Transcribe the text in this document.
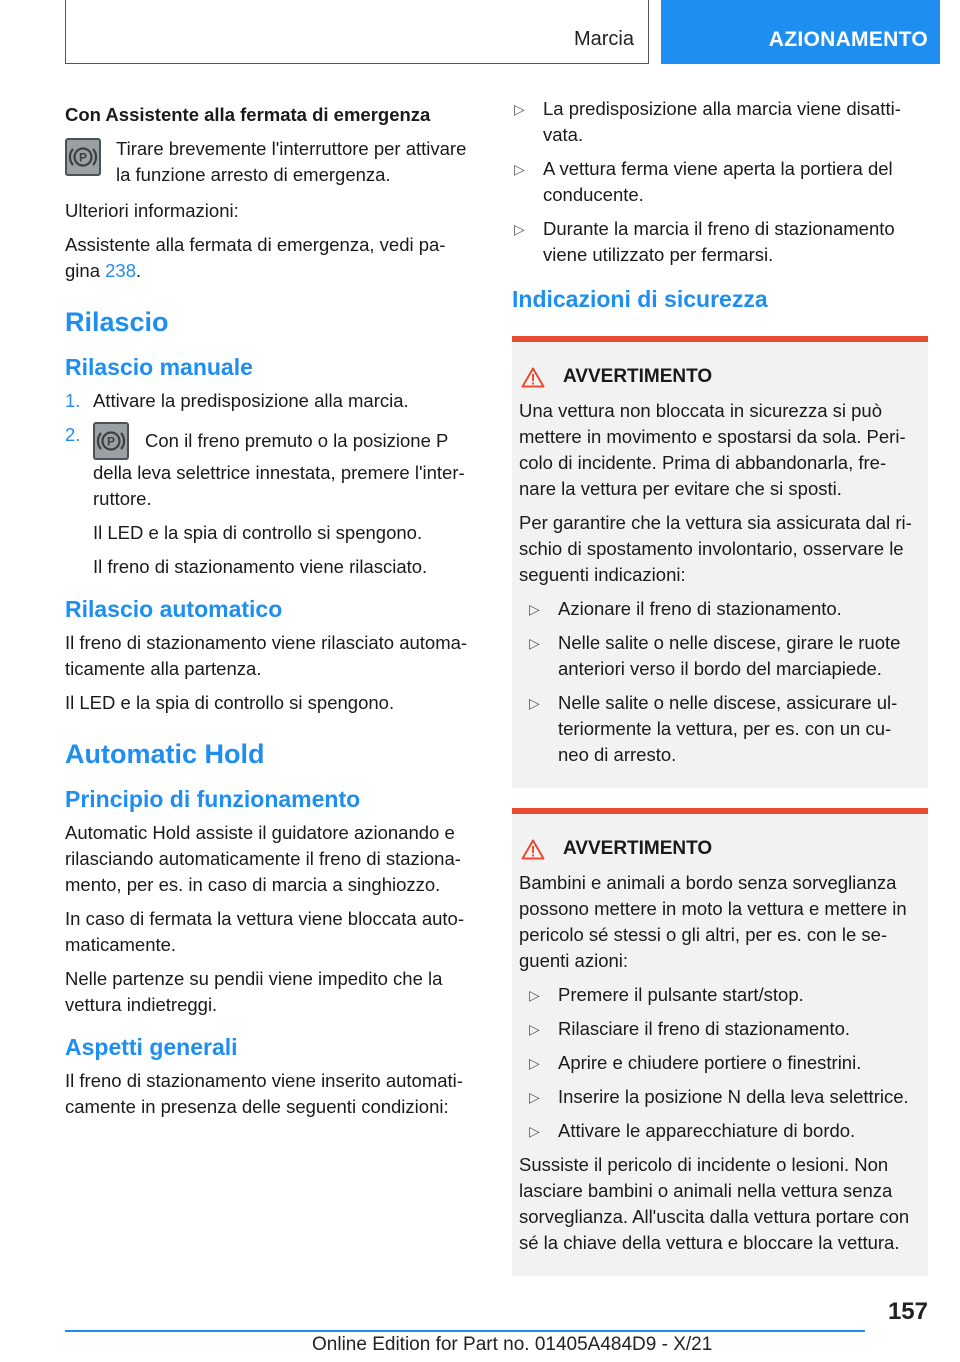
Marcia	AZIONAMENTO
Con Assistente alla fermata di emergenza
P Tirare brevemente l'interruttore per attivare la funzione arresto di emergenza.

Ulteriori informazioni:

Assistente alla fermata di emergenza, vedi pa-gina 238.

Rilascio
Rilascio manuale
1. Attivare la predisposizione alla marcia.
2.	P Con il freno premuto o la posizione P della leva selettrice innestata, premere l'inter-ruttore.

Il LED e la spia di controllo si spengono.

Il freno di stazionamento viene rilasciato.

Rilascio automatico

Il freno di stazionamento viene rilasciato automa-ticamente alla partenza.

Il LED e la spia di controllo si spengono.

Automatic Hold
Principio di funzionamento

Automatic Hold assiste il guidatore azionando e rilasciando automaticamente il freno di staziona-mento, per es. in caso di marcia a singhiozzo.

In caso di fermata la vettura viene bloccata auto-maticamente.

Nelle partenze su pendii viene impedito che la vettura indietreggi.

Aspetti generali

Il freno di stazionamento viene inserito automati-camente in presenza delle seguenti condizioni:

▷ La predisposizione alla marcia viene disatti-vata.
▷ A vettura ferma viene aperta la portiera del conducente.
▷ Durante la marcia il freno di stazionamento viene utilizzato per fermarsi.
Indicazioni di sicurezza
AVVERTIMENTO

Una vettura non bloccata in sicurezza si può mettere in movimento e spostarsi da sola. Peri-colo di incidente. Prima di abbandonarla, fre-nare la vettura per evitare che si sposti.

Per garantire che la vettura sia assicurata dal ri-schio di spostamento involontario, osservare le seguenti indicazioni:

▷ Azionare il freno di stazionamento.
▷ Nelle salite o nelle discese, girare le ruote anteriori verso il bordo del marciapiede.
▷ Nelle salite o nelle discese, assicurare ul-teriormente la vettura, per es. con un cu-neo di arresto.
AVVERTIMENTO

Bambini e animali a bordo senza sorveglianza possono mettere in moto la vettura e mettere in pericolo sé stessi o gli altri, per es. con le se-guenti azioni:

▷ Premere il pulsante start/stop.
▷ Rilasciare il freno di stazionamento.
▷ Aprire e chiudere portiere o finestrini.
▷ Inserire la posizione N della leva selettrice.
▷ Attivare le apparecchiature di bordo.

Sussiste il pericolo di incidente o lesioni. Non lasciare bambini o animali nella vettura senza sorveglianza. All'uscita dalla vettura portare con sé la chiave della vettura e bloccare la vettura.

157
Online Edition for Part no. 01405A484D9 - X/21
